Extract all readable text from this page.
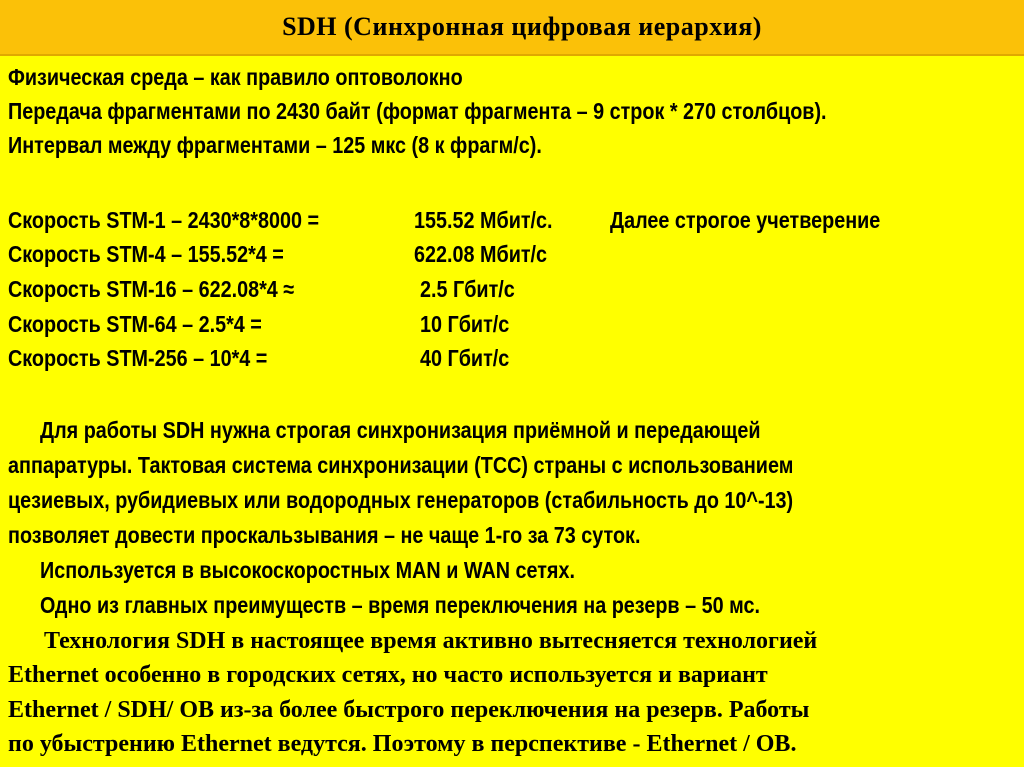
SDH (Синхронная цифровая иерархия)
Физическая среда – как правило оптоволокно
Передача фрагментами по 2430 байт (формат фрагмента – 9 строк * 270 столбцов).
Интервал между фрагментами – 125 мкс (8 к фрагм/с).
Скорость STM-1 – 2430*8*8000 =	155.52 Мбит/с. Далее строгое учетверение
Скорость STM-4 – 155.52*4 =	622.08 Мбит/с
Скорость STM-16 – 622.08*4 ≈	2.5 Гбит/с
Скорость STM-64 – 2.5*4 =	10 Гбит/с
Скорость STM-256 – 10*4 =	40 Гбит/с
Для работы SDH нужна строгая синхронизация приёмной и передающей
аппаратуры. Тактовая система синхронизации (ТСС) страны с использованием
цезиевых, рубидиевых или водородных генераторов (стабильность до 10^-13)
позволяет довести проскальзывания – не чаще 1-го за 73 суток.
Используется в высокоскоростных MAN и WAN сетях.
Одно из главных преимуществ – время переключения на резерв – 50 мс.
Технология SDH в настоящее время активно вытесняется технологией
Ethernet особенно в городских сетях, но часто используется и вариант
Ethernet / SDH/ ОВ из-за более быстрого переключения на резерв. Работы
по убыстрению Ethernet ведутся. Поэтому в перспективе - Ethernet / ОВ.
